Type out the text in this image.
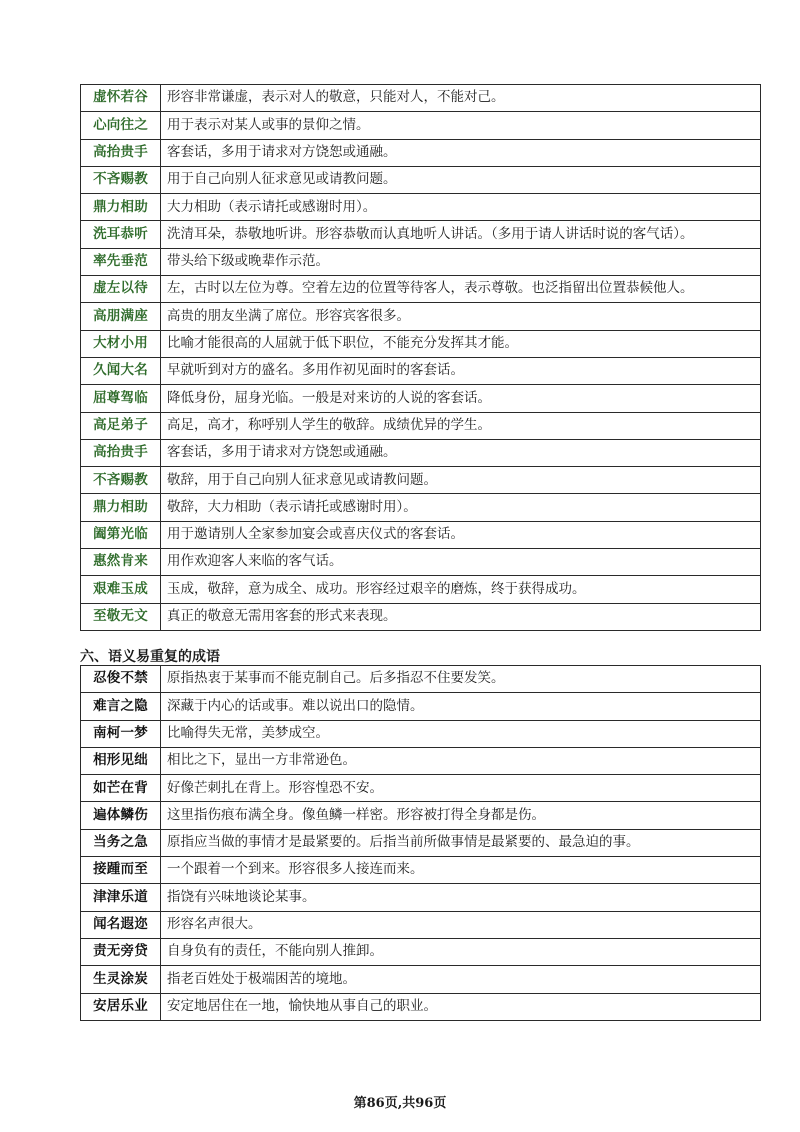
虚怀若谷	形容非常谦虚，表示对人的敬意，只能对人，不能对己。
心向往之	用于表示对某人或事的景仰之情。
高抬贵手	客套话，多用于请求对方饶恕或通融。
不吝赐教	用于自己向别人征求意见或请教问题。
鼎力相助	大力相助（表示请托或感谢时用）。
洗耳恭听	洗清耳朵，恭敬地听讲。形容恭敬而认真地听人讲话。（多用于请人讲话时说的客气话）。
率先垂范	带头给下级或晚辈作示范。
虚左以待	左，古时以左位为尊。空着左边的位置等待客人，表示尊敬。也泛指留出位置恭候他人。
高朋满座	高贵的朋友坐满了席位。形容宾客很多。
大材小用	比喻才能很高的人屈就于低下职位，不能充分发挥其才能。
久闻大名	早就听到对方的盛名。多用作初见面时的客套话。
屈尊驾临	降低身份，屈身光临。一般是对来访的人说的客套话。
高足弟子	高足，高才，称呼别人学生的敬辞。成绩优异的学生。
高抬贵手	客套话，多用于请求对方饶恕或通融。
不吝赐教	敬辞，用于自己向别人征求意见或请教问题。
鼎力相助	敬辞，大力相助（表示请托或感谢时用）。
阖第光临	用于邀请别人全家参加宴会或喜庆仪式的客套话。
惠然肯来	用作欢迎客人来临的客气话。
艰难玉成	玉成，敬辞，意为成全、成功。形容经过艰辛的磨炼，终于获得成功。
至敬无文	真正的敬意无需用客套的形式来表现。
六、语义易重复的成语
忍俊不禁	原指热衷于某事而不能克制自己。后多指忍不住要发笑。
难言之隐	深藏于内心的话或事。难以说出口的隐情。
南柯一梦	比喻得失无常，美梦成空。
相形见绌	相比之下，显出一方非常逊色。
如芒在背	好像芒刺扎在背上。形容惶恐不安。
遍体鳞伤	这里指伤痕布满全身。像鱼鳞一样密。形容被打得全身都是伤。
当务之急	原指应当做的事情才是最紧要的。后指当前所做事情是最紧要的、最急迫的事。
接踵而至	一个跟着一个到来。形容很多人接连而来。
津津乐道	指饶有兴味地谈论某事。
闻名遐迩	形容名声很大。
责无旁贷	自身负有的责任，不能向别人推卸。
生灵涂炭	指老百姓处于极端困苦的境地。
安居乐业	安定地居住在一地，愉快地从事自己的职业。
第86页,共96页
